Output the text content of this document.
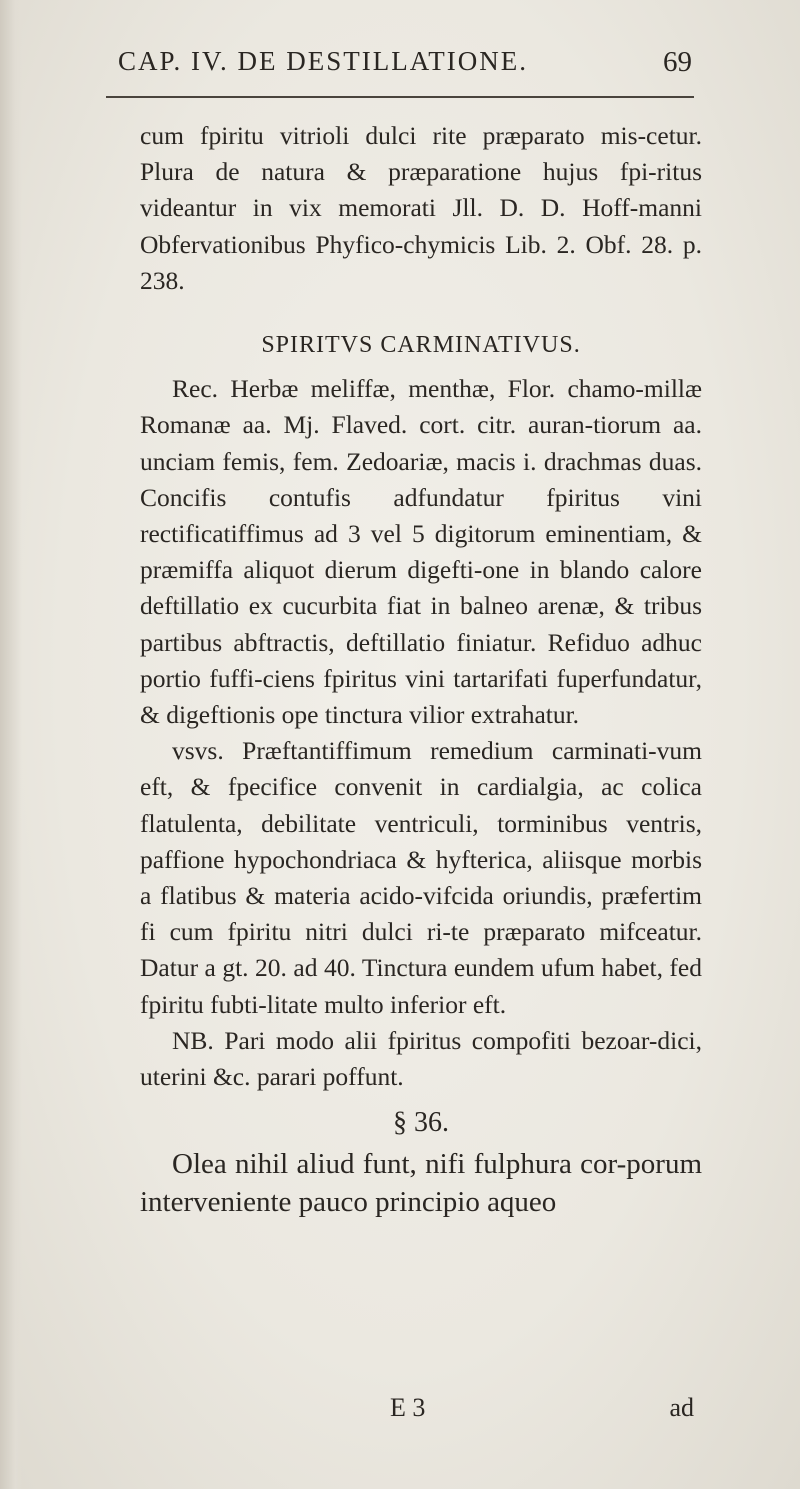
CAP. IV. DE DESTILLATIONE.	69

cum fpiritu vitrioli dulci rite præparato mis-cetur. Plura de natura & præparatione hujus fpi-ritus videantur in vix memorati Jll. D. D. Hoff-manni Obfervationibus Phyfico-chymicis Lib. 2. Obf. 28. p. 238.

SPIRITVS CARMINATIVUS.

Rec. Herbæ meliffæ, menthæ, Flor. chamo-millæ Romanæ aa. Mj. Flaved. cort. citr. auran-tiorum aa. unciam femis, fem. Zedoariæ, macis i. drachmas duas. Concifis contufis adfundatur fpiritus vini rectificatiffimus ad 3 vel 5 digitorum eminentiam, & præmiffa aliquot dierum digefti-one in blando calore deftillatio ex cucurbita fiat in balneo arenæ, & tribus partibus abftractis, deftillatio finiatur. Refiduo adhuc portio fuffi-ciens fpiritus vini tartarifati fuperfundatur, & digeftionis ope tinctura vilior extrahatur.

vsvs. Præftantiffimum remedium carminati-vum eft, & fpecifice convenit in cardialgia, ac colica flatulenta, debilitate ventriculi, torminibus ventris, paffione hypochondriaca & hyfterica, aliisque morbis a flatibus & materia acido-vifcida oriundis, præfertim fi cum fpiritu nitri dulci ri-te præparato mifceatur. Datur a gt. 20. ad 40. Tinctura eundem ufum habet, fed fpiritu fubti-litate multo inferior eft.

NB. Pari modo alii fpiritus compofiti bezoar-dici, uterini &c. parari poffunt.

§ 36.

Olea nihil aliud funt, nifi fulphura cor-porum interveniente pauco principio aqueo

E 3	ad
